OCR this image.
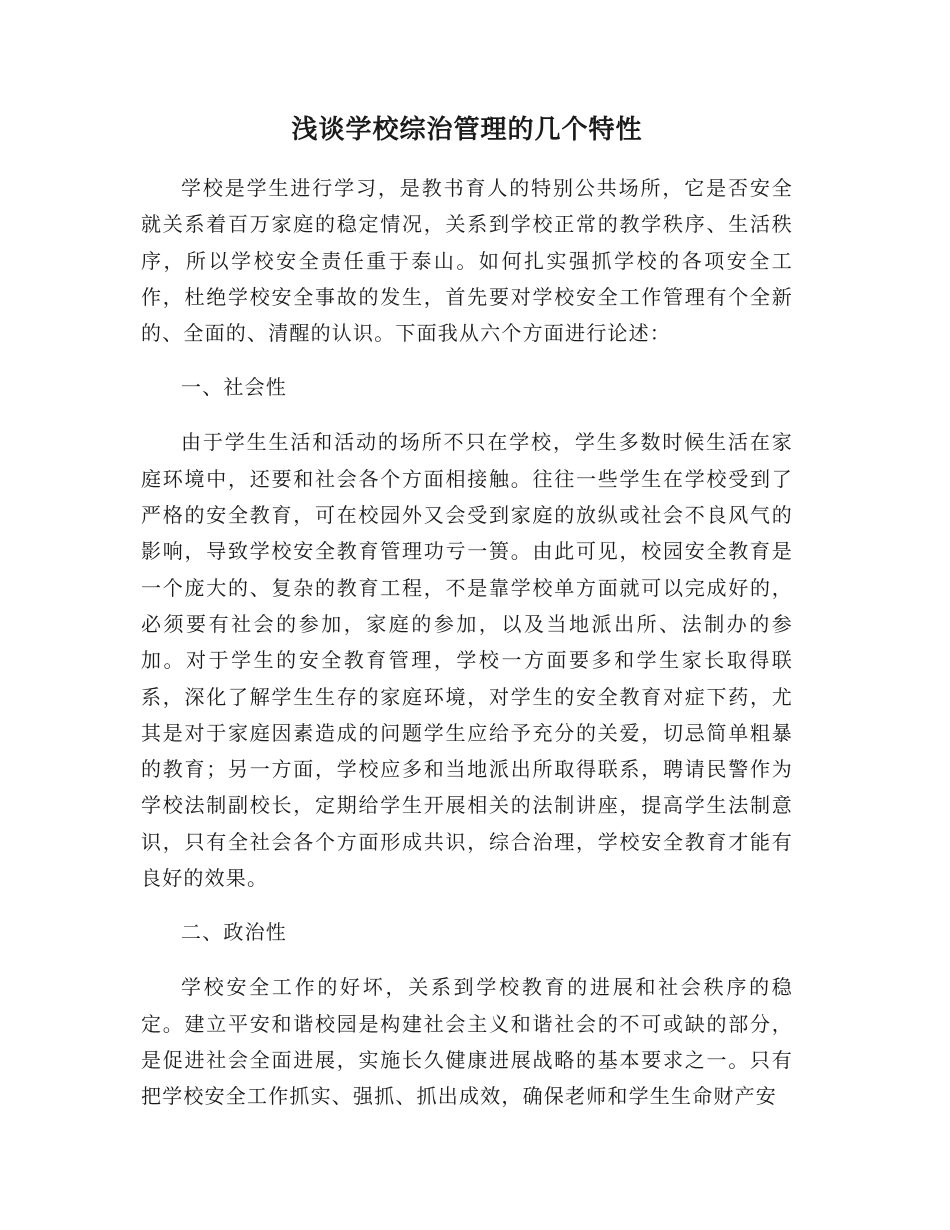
浅谈学校综治管理的几个特性

学校是学生进行学习，是教书育人的特别公共场所，它是否安全就关系着百万家庭的稳定情况，关系到学校正常的教学秩序、生活秩序，所以学校安全责任重于泰山。如何扎实强抓学校的各项安全工作，杜绝学校安全事故的发生，首先要对学校安全工作管理有个全新的、全面的、清醒的认识。下面我从六个方面进行论述：

一、社会性

由于学生生活和活动的场所不只在学校，学生多数时候生活在家庭环境中，还要和社会各个方面相接触。往往一些学生在学校受到了严格的安全教育，可在校园外又会受到家庭的放纵或社会不良风气的影响，导致学校安全教育管理功亏一篑。由此可见，校园安全教育是一个庞大的、复杂的教育工程，不是靠学校单方面就可以完成好的，必须要有社会的参加，家庭的参加，以及当地派出所、法制办的参加。对于学生的安全教育管理，学校一方面要多和学生家长取得联系，深化了解学生生存的家庭环境，对学生的安全教育对症下药，尤其是对于家庭因素造成的问题学生应给予充分的关爱，切忌简单粗暴的教育；另一方面，学校应多和当地派出所取得联系，聘请民警作为学校法制副校长，定期给学生开展相关的法制讲座，提高学生法制意识，只有全社会各个方面形成共识，综合治理，学校安全教育才能有良好的效果。

二、政治性

学校安全工作的好坏，关系到学校教育的进展和社会秩序的稳定。建立平安和谐校园是构建社会主义和谐社会的不可或缺的部分，是促进社会全面进展，实施长久健康进展战略的基本要求之一。只有把学校安全工作抓实、强抓、抓出成效，确保老师和学生生命财产安
